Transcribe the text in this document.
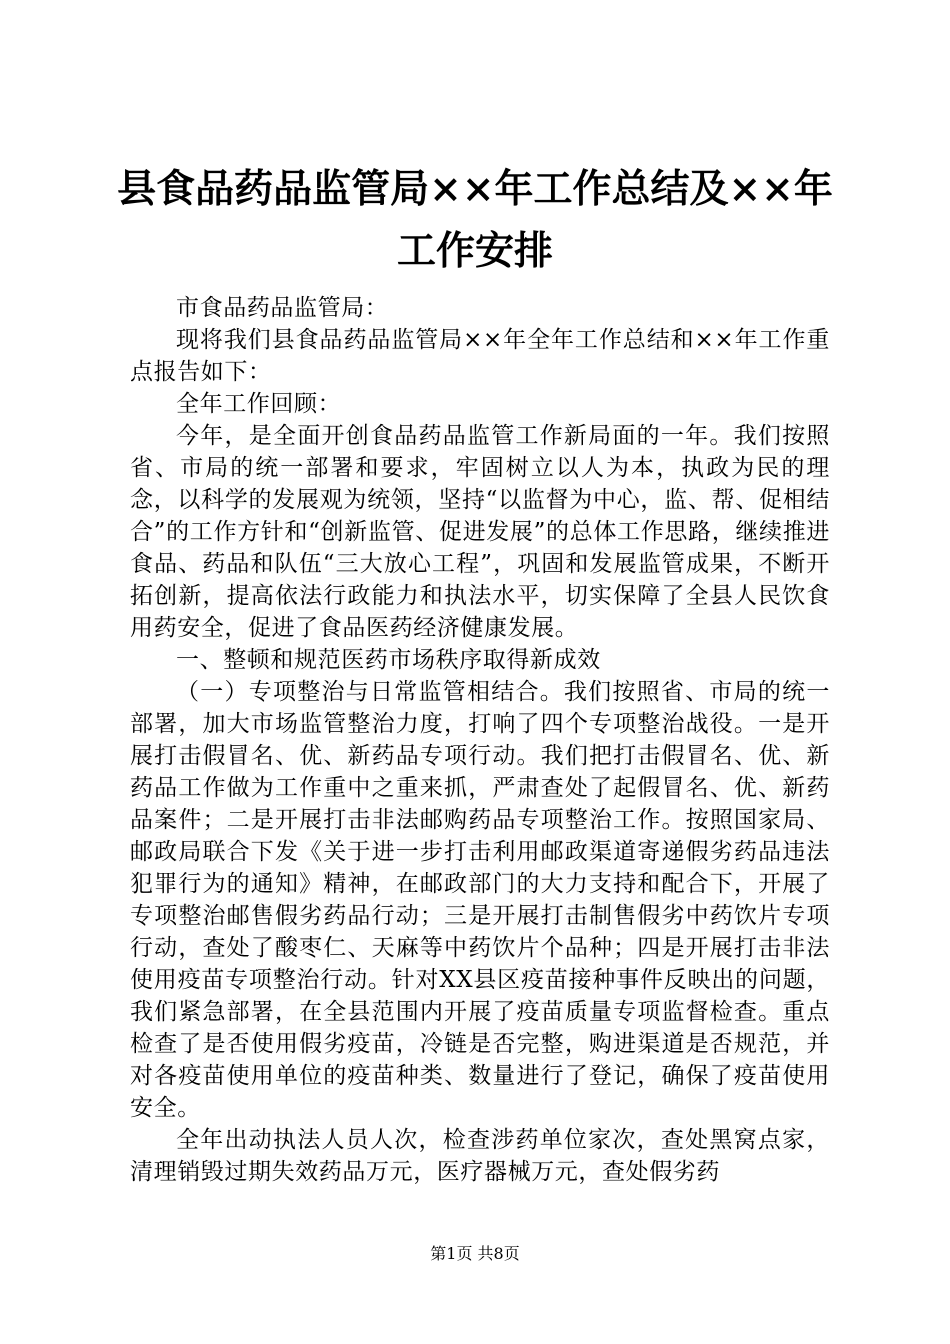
县食品药品监管局××年工作总结及××年工作安排

市食品药品监管局：

现将我们县食品药品监管局××年全年工作总结和××年工作重点报告如下：

全年工作回顾：

今年，是全面开创食品药品监管工作新局面的一年。我们按照省、市局的统一部署和要求，牢固树立以人为本，执政为民的理念，以科学的发展观为统领，坚持“以监督为中心，监、帮、促相结合”的工作方针和“创新监管、促进发展”的总体工作思路，继续推进食品、药品和队伍“三大放心工程”，巩固和发展监管成果，不断开拓创新，提高依法行政能力和执法水平，切实保障了全县人民饮食用药安全，促进了食品医药经济健康发展。

一、整顿和规范医药市场秩序取得新成效

（一）专项整治与日常监管相结合。我们按照省、市局的统一部署，加大市场监管整治力度，打响了四个专项整治战役。一是开展打击假冒名、优、新药品专项行动。我们把打击假冒名、优、新药品工作做为工作重中之重来抓，严肃查处了起假冒名、优、新药品案件；二是开展打击非法邮购药品专项整治工作。按照国家局、邮政局联合下发《关于进一步打击利用邮政渠道寄递假劣药品违法犯罪行为的通知》精神，在邮政部门的大力支持和配合下，开展了专项整治邮售假劣药品行动；三是开展打击制售假劣中药饮片专项行动，查处了酸枣仁、天麻等中药饮片个品种；四是开展打击非法使用疫苗专项整治行动。针对XX县区疫苗接种事件反映出的问题，我们紧急部署，在全县范围内开展了疫苗质量专项监督检查。重点检查了是否使用假劣疫苗，冷链是否完整，购进渠道是否规范，并对各疫苗使用单位的疫苗种类、数量进行了登记，确保了疫苗使用安全。

全年出动执法人员人次，检查涉药单位家次，查处黑窝点家，清理销毁过期失效药品万元，医疗器械万元，查处假劣药

第1页 共8页
